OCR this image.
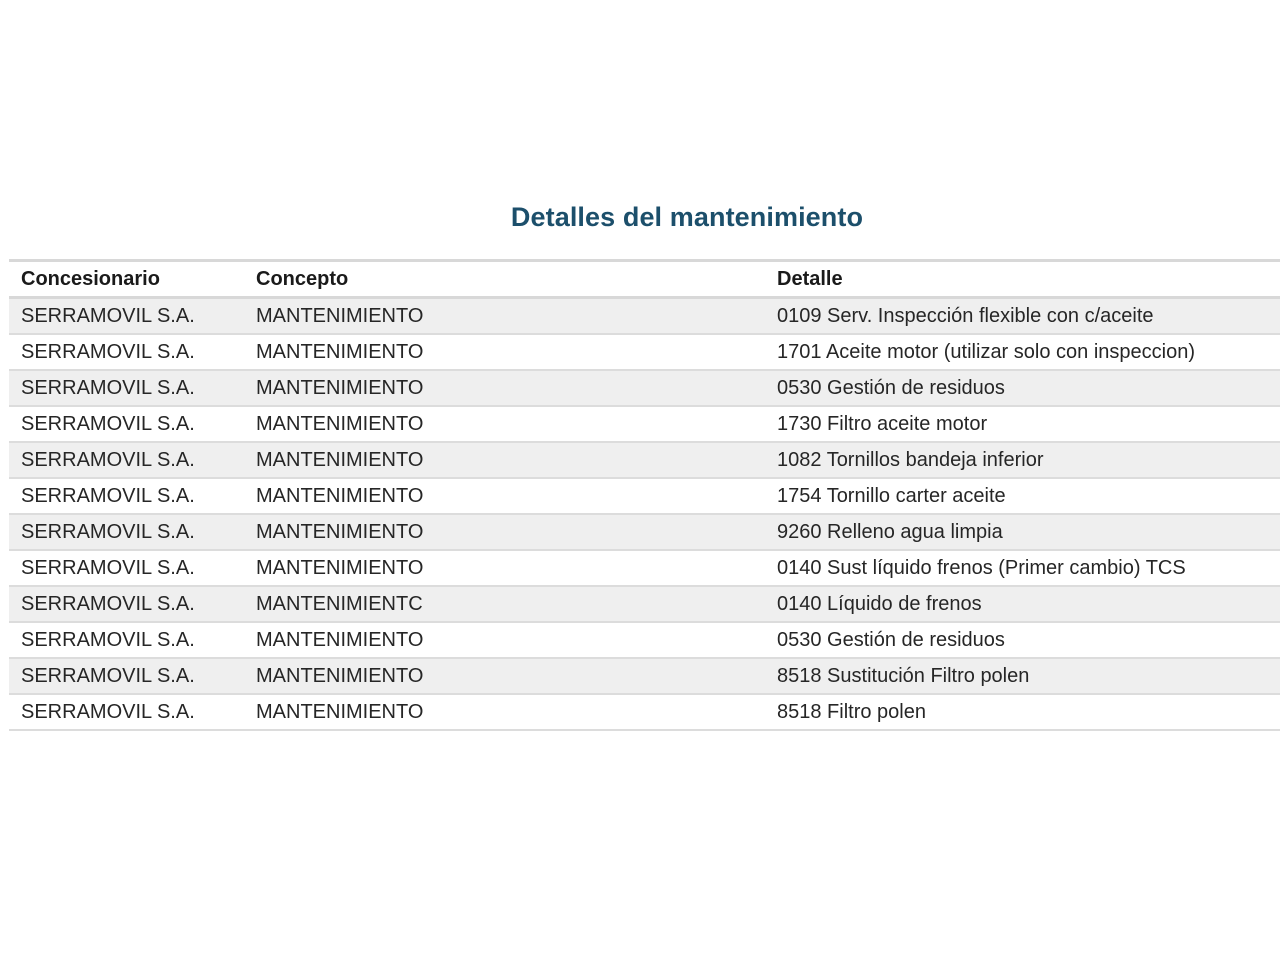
Detalles del mantenimiento
Concesionario	Concepto	Detalle
SERRAMOVIL S.A.	MANTENIMIENTO	0109 Serv. Inspección flexible con c/aceite
SERRAMOVIL S.A.	MANTENIMIENTO	1701 Aceite motor (utilizar solo con inspeccion)
SERRAMOVIL S.A.	MANTENIMIENTO	0530 Gestión de residuos
SERRAMOVIL S.A.	MANTENIMIENTO	1730 Filtro aceite motor
SERRAMOVIL S.A.	MANTENIMIENTO	1082 Tornillos bandeja inferior
SERRAMOVIL S.A.	MANTENIMIENTO	1754 Tornillo carter aceite
SERRAMOVIL S.A.	MANTENIMIENTO	9260 Relleno agua limpia
SERRAMOVIL S.A.	MANTENIMIENTO	0140 Sust líquido frenos (Primer cambio) TCS
SERRAMOVIL S.A.	MANTENIMIENTC	0140 Líquido de frenos
SERRAMOVIL S.A.	MANTENIMIENTO	0530 Gestión de residuos
SERRAMOVIL S.A.	MANTENIMIENTO	8518 Sustitución Filtro polen
SERRAMOVIL S.A.	MANTENIMIENTO	8518 Filtro polen
